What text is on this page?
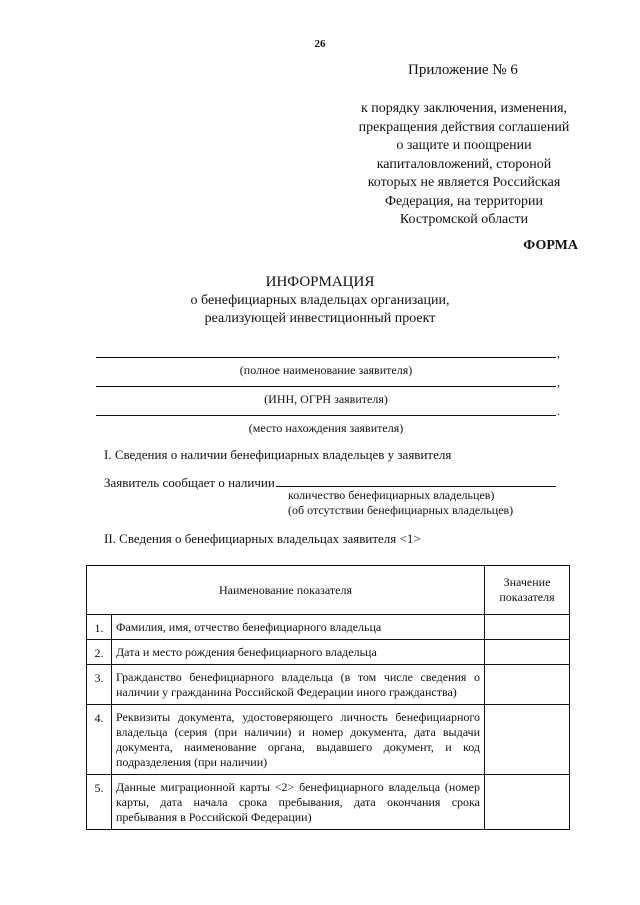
26
Приложение № 6
к порядку заключения, изменения,
прекращения действия соглашений
о защите и поощрении
капиталовложений, стороной
которых не является Российская
Федерация, на территории
Костромской области
ФОРМА
ИНФОРМАЦИЯ
о бенефициарных владельцах организации,
реализующей инвестиционный проект
,
(полное наименование заявителя)
,
(ИНН, ОГРН заявителя)
.
(место нахождения заявителя)
I. Сведения о наличии бенефициарных владельцев у заявителя
Заявитель сообщает о наличии
количество бенефициарных владельцев)
(об отсутствии бенефициарных владельцев)
II. Сведения о бенефициарных владельцах заявителя <1>
Наименование показателя		Значение
показателя

1.	Фамилия, имя, отчество бенефициарного владельца	
2.	Дата и место рождения бенефициарного владельца	
3.	Гражданство бенефициарного владельца (в том числе сведения о наличии у гражданина Российской Федерации иного гражданства)	
4.	Реквизиты документа, удостоверяющего личность бенефициарного владельца (серия (при наличии) и номер документа, дата выдачи документа, наименование органа, выдавшего документ, и код подразделения (при наличии)	
5.	Данные миграционной карты <2> бенефициарного владельца (номер карты, дата начала срока пребывания, дата окончания срока пребывания в Российской Федерации)	
